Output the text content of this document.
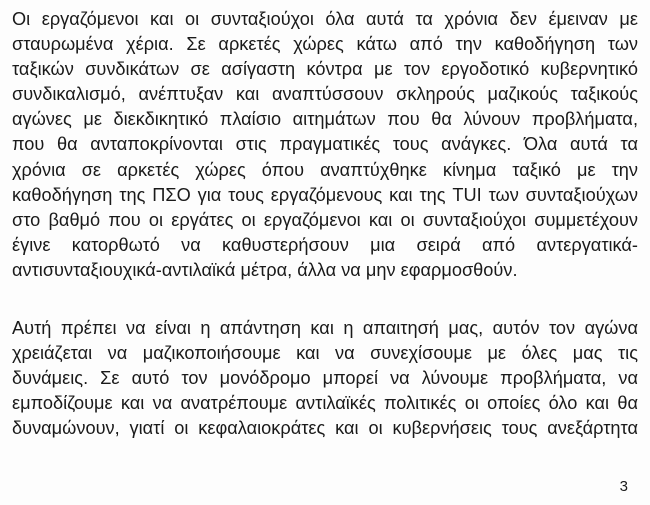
Οι εργαζόμενοι και οι συνταξιούχοι όλα αυτά τα χρόνια δεν έμειναν με
σταυρωμένα χέρια. Σε αρκετές χώρες κάτω από την καθοδήγηση των
ταξικών συνδικάτων σε ασίγαστη κόντρα με τον εργοδοτικό κυβερνητικό
συνδικαλισμό, ανέπτυξαν και αναπτύσσουν σκληρούς μαζικούς ταξικούς
αγώνες με διεκδικητικό πλαίσιο αιτημάτων που θα λύνουν προβλήματα,
που θα ανταποκρίνονται στις πραγματικές τους ανάγκες. Όλα αυτά τα
χρόνια σε αρκετές χώρες όπου αναπτύχθηκε κίνημα ταξικό με την
καθοδήγηση της ΠΣΟ για τους εργαζόμενους και της TUI των συνταξιούχων
στο βαθμό που οι εργάτες οι εργαζόμενοι και οι συνταξιούχοι συμμετέχουν
έγινε κατορθωτό να καθυστερήσουν μια σειρά από αντεργατικά-
αντισυνταξιουχικά-αντιλαϊκά μέτρα, άλλα να μην εφαρμοσθούν.
Αυτή πρέπει να είναι η απάντηση και η απαιτησή μας, αυτόν τον αγώνα
χρειάζεται να μαζικοποιήσουμε και να συνεχίσουμε με όλες μας τις
δυνάμεις. Σε αυτό τον μονόδρομο μπορεί να λύνουμε προβλήματα, να
εμποδίζουμε και να ανατρέπουμε αντιλαϊκές πολιτικές οι οποίες όλο και θα
δυναμώνουν, γιατί οι κεφαλαιοκράτες και οι κυβερνήσεις τους ανεξάρτητα
3
